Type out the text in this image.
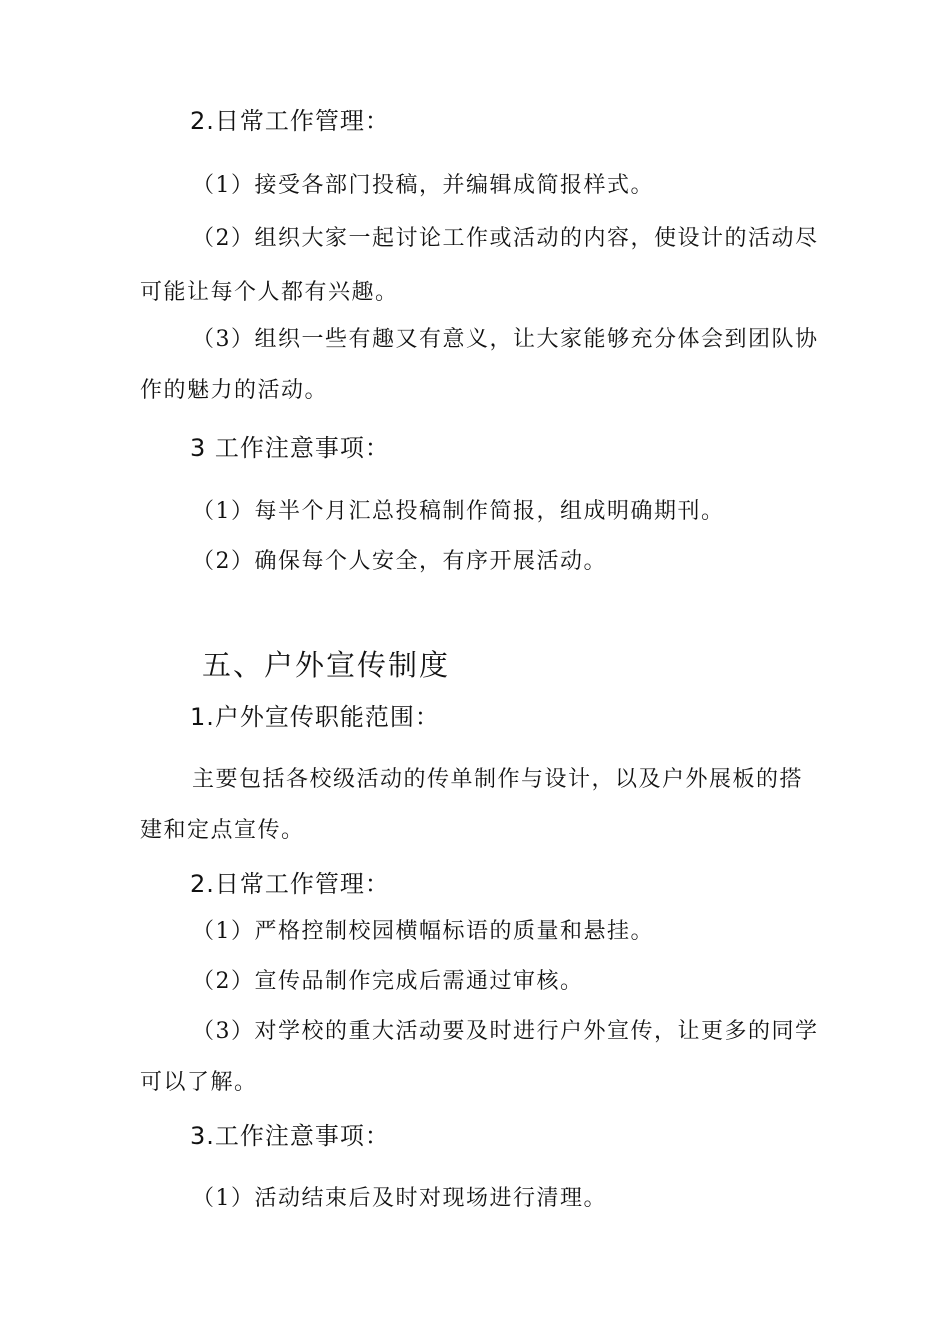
2.日常工作管理：

（1）接受各部门投稿，并编辑成简报样式。

（2）组织大家一起讨论工作或活动的内容，使设计的活动尽

可能让每个人都有兴趣。

（3）组织一些有趣又有意义，让大家能够充分体会到团队协

作的魅力的活动。

3 工作注意事项：

（1）每半个月汇总投稿制作简报，组成明确期刊。

（2）确保每个人安全，有序开展活动。

五、户外宣传制度

1.户外宣传职能范围：

主要包括各校级活动的传单制作与设计，以及户外展板的搭

建和定点宣传。

2.日常工作管理：

（1）严格控制校园横幅标语的质量和悬挂。

（2）宣传品制作完成后需通过审核。

（3）对学校的重大活动要及时进行户外宣传，让更多的同学

可以了解。

3.工作注意事项：

（1）活动结束后及时对现场进行清理。
